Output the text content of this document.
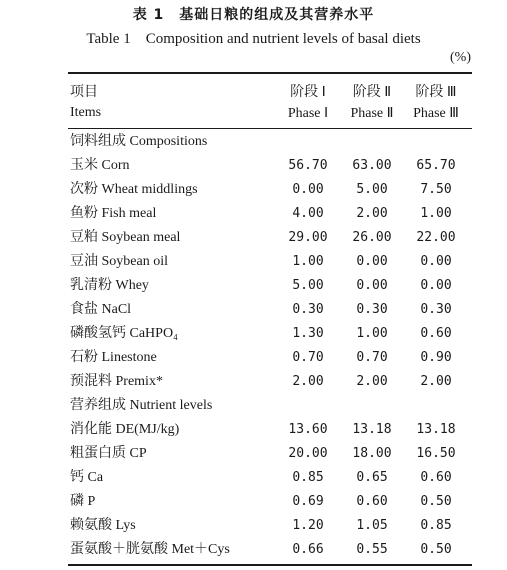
表 1　基础日粮的组成及其营养水平
Table 1　Composition and nutrient levels of basal diets
(%)
项目	阶段 Ⅰ	阶段 Ⅱ	阶段 Ⅲ
Items	Phase Ⅰ	Phase Ⅱ	Phase Ⅲ
饲料组成 Compositions
玉米 Corn	56.70	63.00	65.70
次粉 Wheat middlings	0.00	5.00	7.50
鱼粉 Fish meal	4.00	2.00	1.00
豆粕 Soybean meal	29.00	26.00	22.00
豆油 Soybean oil	1.00	0.00	0.00
乳清粉 Whey	5.00	0.00	0.00
食盐 NaCl	0.30	0.30	0.30
磷酸氢钙 CaHPO₄	1.30	1.00	0.60
石粉 Linestone	0.70	0.70	0.90
预混料 Premix*	2.00	2.00	2.00
营养组成 Nutrient levels
消化能 DE(MJ/kg)	13.60	13.18	13.18
粗蛋白质 CP	20.00	18.00	16.50
钙 Ca	0.85	0.65	0.60
磷 P	0.69	0.60	0.50
赖氨酸 Lys	1.20	1.05	0.85
蛋氨酸＋胱氨酸 Met＋Cys	0.66	0.55	0.50
